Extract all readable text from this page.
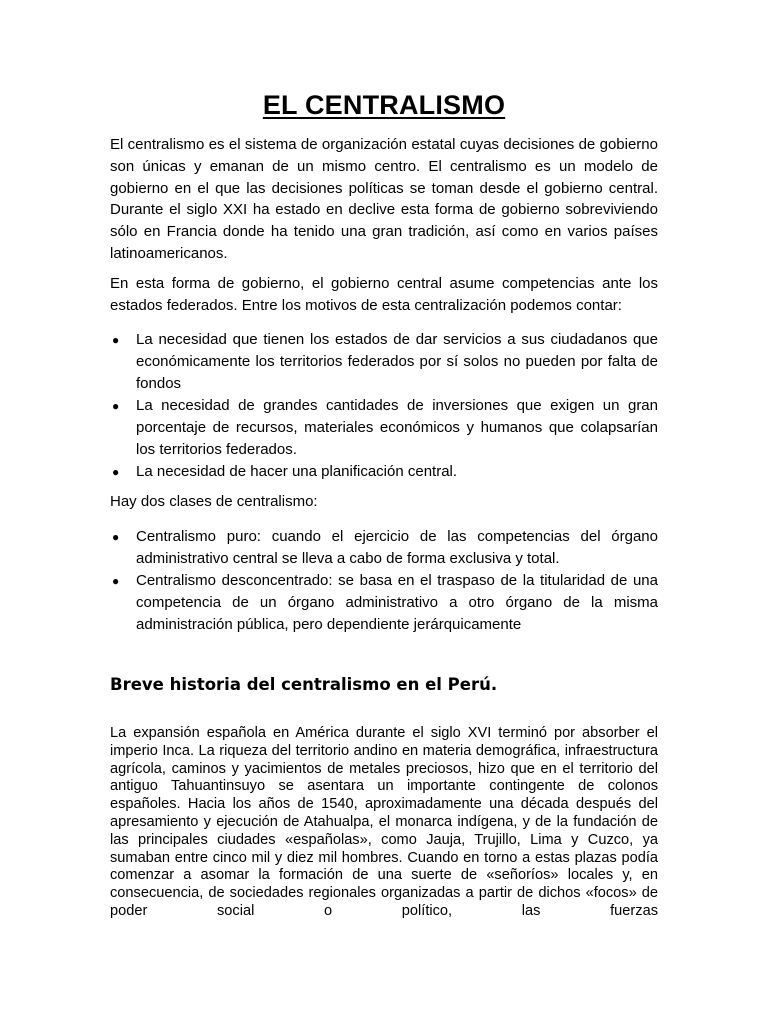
EL CENTRALISMO

El centralismo es el sistema de organización estatal cuyas decisiones de gobierno son únicas y emanan de un mismo centro. El centralismo es un modelo de gobierno en el que las decisiones políticas se toman desde el gobierno central. Durante el siglo XXI ha estado en declive esta forma de gobierno sobreviviendo sólo en Francia donde ha tenido una gran tradición, así como en varios países latinoamericanos.

En esta forma de gobierno, el gobierno central asume competencias ante los estados federados. Entre los motivos de esta centralización podemos contar:

● La necesidad que tienen los estados de dar servicios a sus ciudadanos que económicamente los territorios federados por sí solos no pueden por falta de fondos
● La necesidad de grandes cantidades de inversiones que exigen un gran porcentaje de recursos, materiales económicos y humanos que colapsarían los territorios federados.
● La necesidad de hacer una planificación central.

Hay dos clases de centralismo:

● Centralismo puro: cuando el ejercicio de las competencias del órgano administrativo central se lleva a cabo de forma exclusiva y total.
● Centralismo desconcentrado: se basa en el traspaso de la titularidad de una competencia de un órgano administrativo a otro órgano de la misma administración pública, pero dependiente jerárquicamente
Breve historia del centralismo en el Perú.

La expansión española en América durante el siglo XVI terminó por absorber el imperio Inca. La riqueza del territorio andino en materia demográfica, infraestructura agrícola, caminos y yacimientos de metales preciosos, hizo que en el territorio del antiguo Tahuantinsuyo se asentara un importante contingente de colonos españoles. Hacia los años de 1540, aproximadamente una década después del apresamiento y ejecución de Atahualpa, el monarca indígena, y de la fundación de las principales ciudades «españolas», como Jauja, Trujillo, Lima y Cuzco, ya sumaban entre cinco mil y diez mil hombres. Cuando en torno a estas plazas podía comenzar a asomar la formación de una suerte de «señoríos» locales y, en consecuencia, de sociedades regionales organizadas a partir de dichos «focos» de poder social o político, las fuerzas
